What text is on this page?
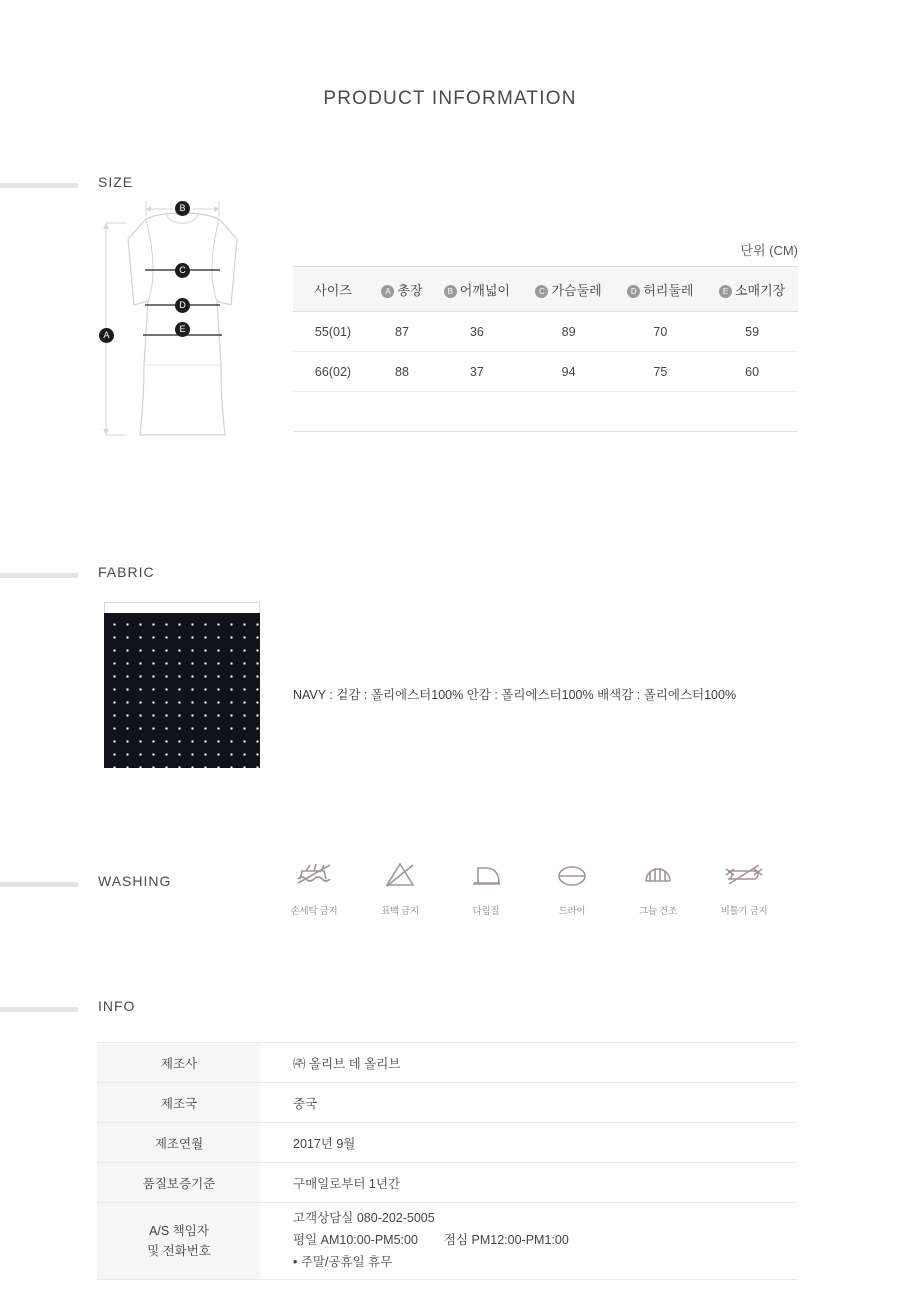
PRODUCT INFORMATION
SIZE
B
C
D
E
A
단위 (CM)
사이즈	A 총장	B 어깨넓이	C 가슴둘레	D 허리둘레	E 소매기장
55(01)	87	36	89	70	59
66(02)	88	37	94	75	60

FABRIC
NAVY : 겉감 : 폴리에스터100% 안감 : 폴리에스터100% 배색감 : 폴리에스터100%
WASHING
손세탁 금지	표백 금지	다림질	드라이	그늘 건조	비틀기 금지
INFO
제조사	㈜ 올리브 데 올리브
제조국	중국
제조연월	2017년 9월
품질보증기준	구매일로부터 1년간
A/S 책임자
및 전화번호	고객상담실 080-202-5005
평일 AM10:00-PM5:00 점심 PM12:00-PM1:00
• 주말/공휴일 휴무
